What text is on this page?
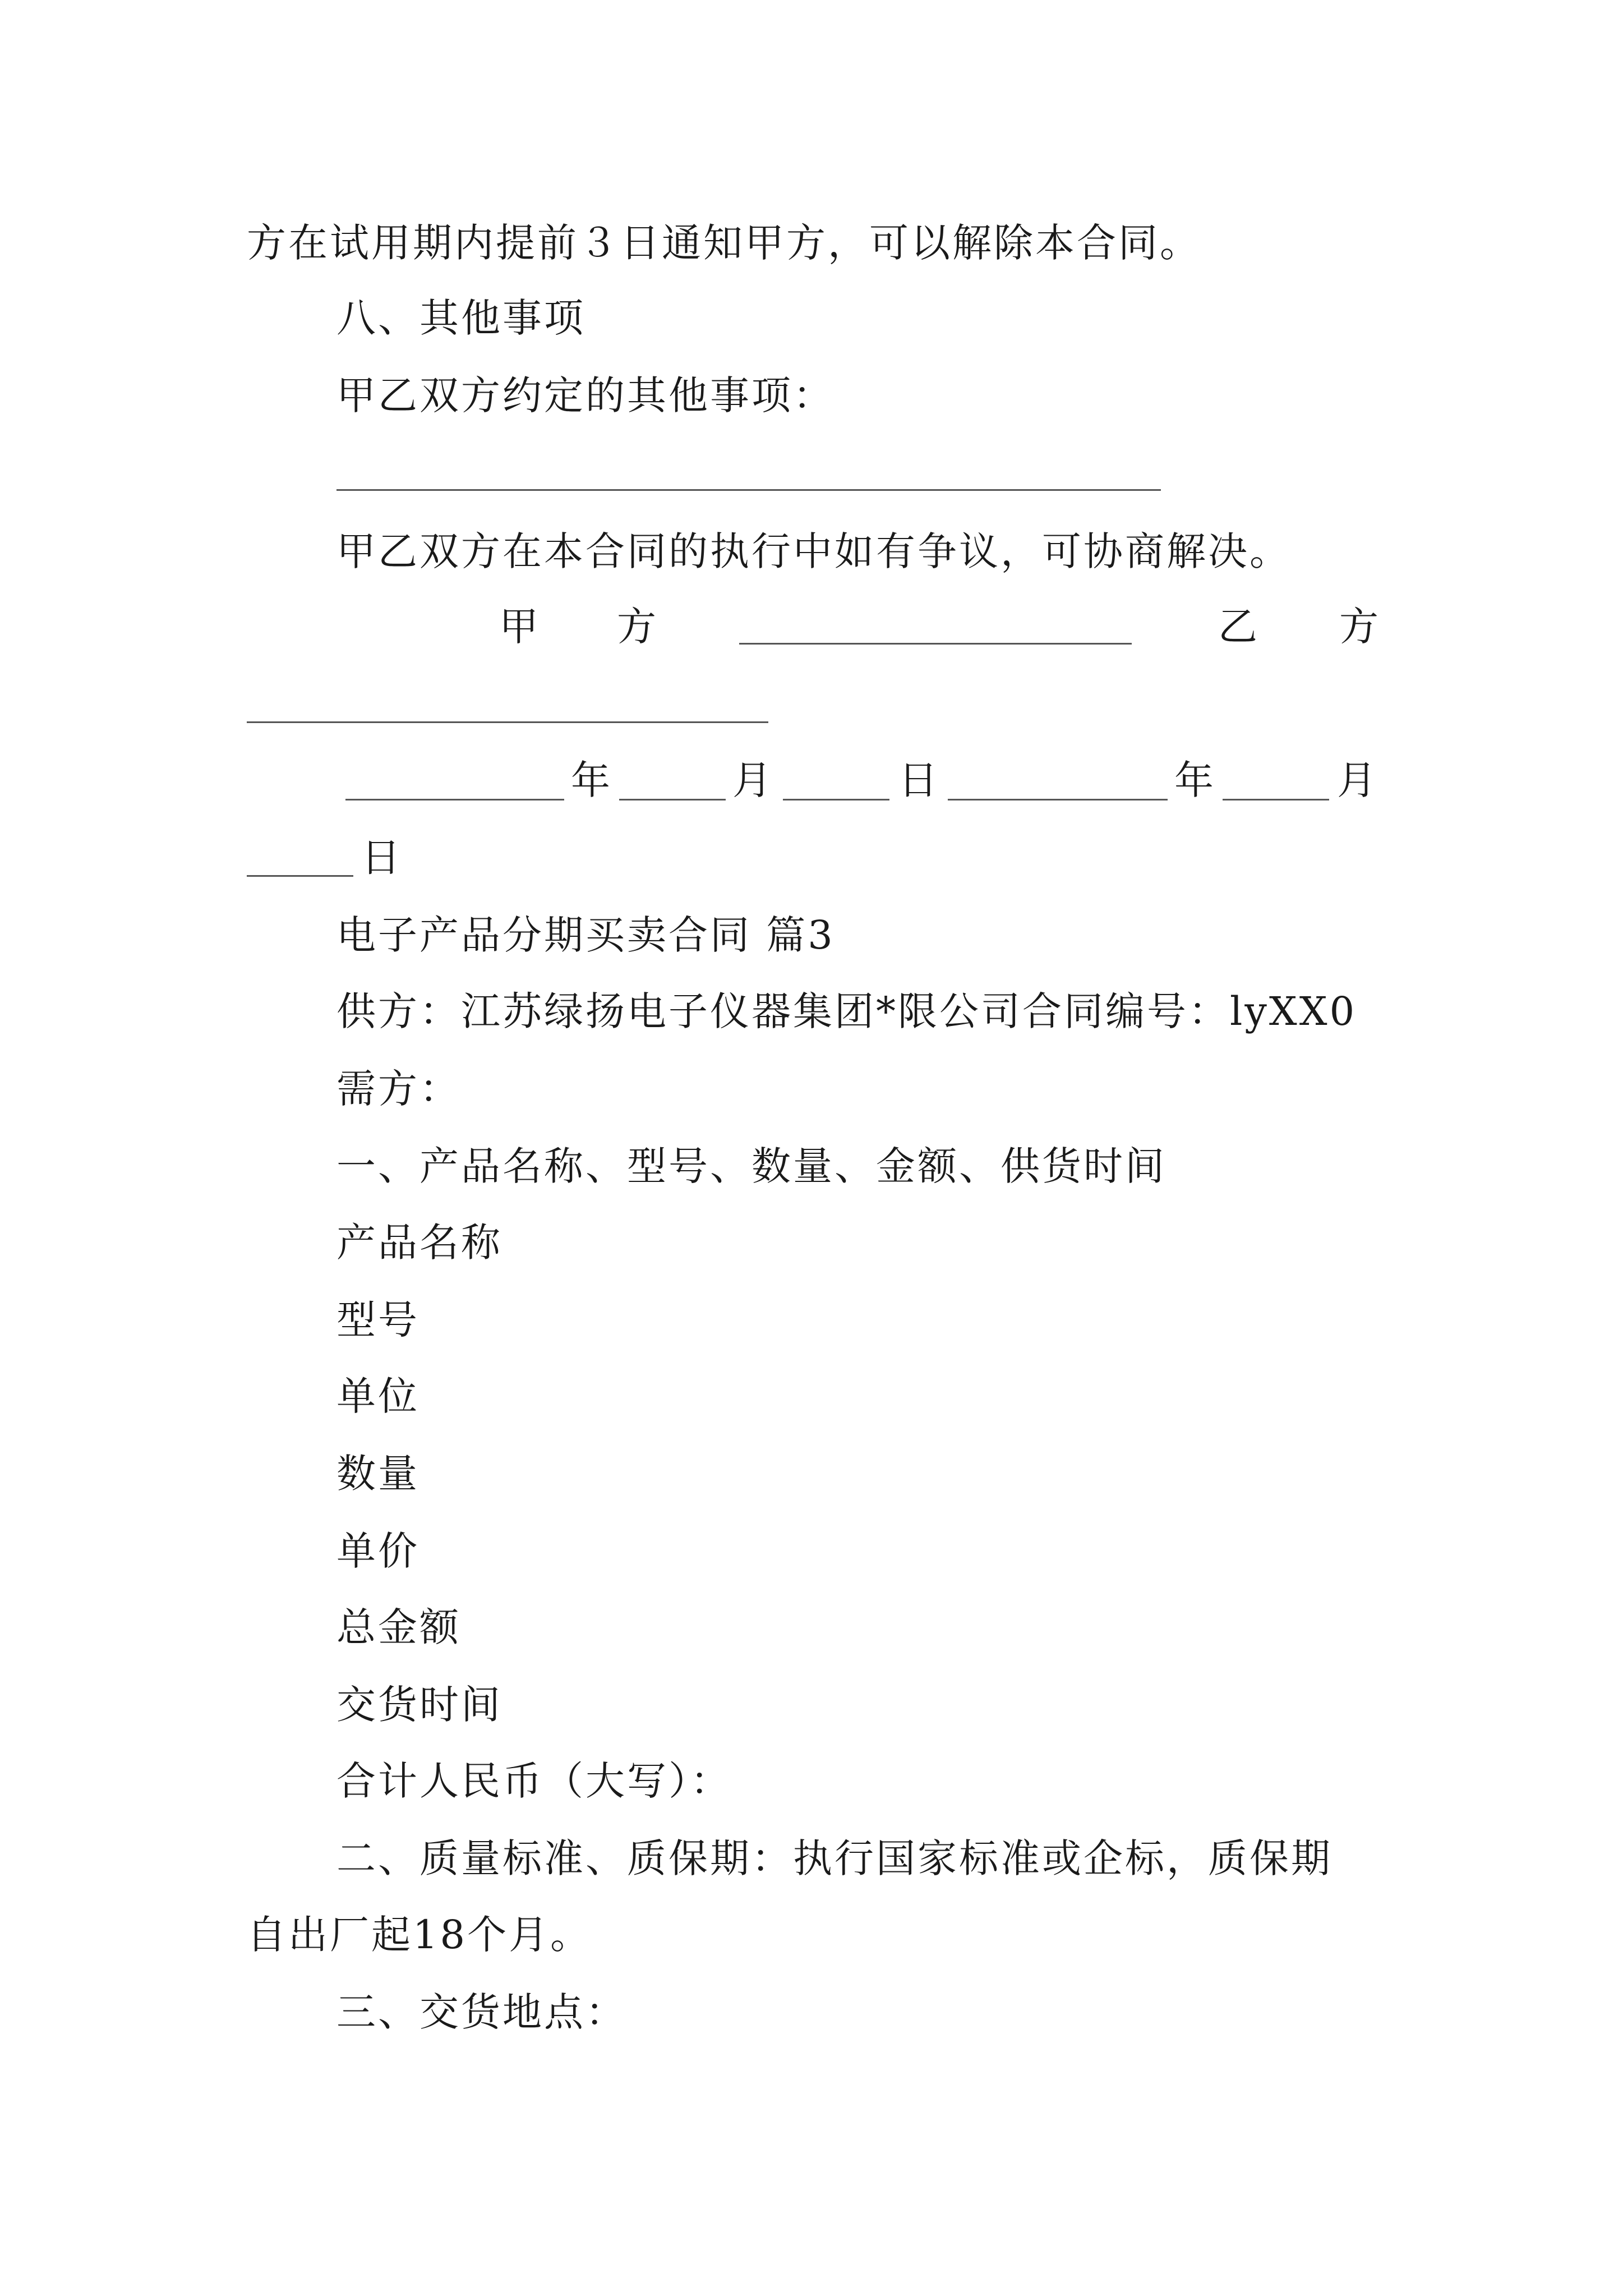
方在试用期内提前３日通知甲方，可以解除本合同。
八、其他事项
甲乙双方约定的其他事项：
甲乙双方在本合同的执行中如有争议，可协商解决。
甲 方	乙 方
年	月	日	年	月
日
电子产品分期买卖合同 篇3
供方：江苏绿扬电子仪器集团*限公司合同编号：lyXX0
需方：
一、产品名称、型号、数量、金额、供货时间
产品名称
型号
单位
数量
单价
总金额
交货时间
合计人民币（大写）：
二、质量标准、质保期：执行国家标准或企标，质保期
自出厂起18个月。
三、交货地点：
